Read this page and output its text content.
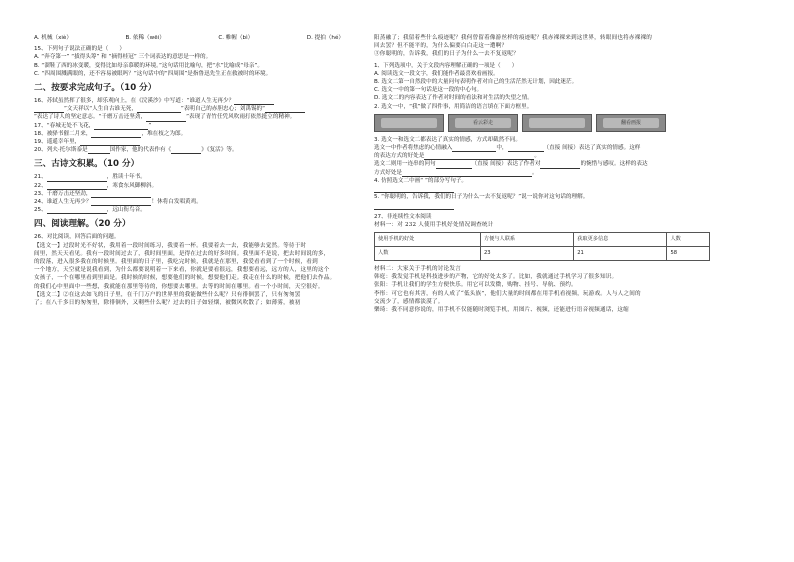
A. 机械（xiè）	B. 依稀（wēi）	C. 帷幄（bì）	D. 提拍（hé）
15、下列句子说法正确的是（　　）
A. “奔夺第一” “拔得头筹” 和 “摘得桂冠” 三个词表达的意思是一样的。
B. “溜鞋了西的冰变暖，变得比如母亲慕暖的环境。”这句话用比喻句，把“水”比喻成“母亲”。
C. “四周围溅满眼的，还不容易被眼吗？”这句话中的“四周围”是指鲁迅先生正在救被时的环境。
二、按要求完成句子。（10 分）
16、苏轼虽然挥了很多，却乐观向上，在《浣溪沙》中写道：“谁道人生无再少？
”文天祥以“人生自古谁无死，	”表明自己的赤胆忠心；刘禹锡的“
”表达了诗人的坚定意志。“千磨万击还坚劲，	”表现了青竹任凭风吹雨打依然挺立的精神。
17、“春城无处不飞花，	”
18、被驿书催二月来，	，堆在枝之为郎。
19、遥遥幸年里，
20、列夫·托尔斯泰是	国作家，他的代表作有《	》《复活》等。
三、古诗文积累。（10 分）
21、	，胜读十年书。
22、	，寒食东风御柳斜。
23、千磨万击还坚劲，
24、谁道人生无再少？	！休将白发唱黄鸡。
25、	，远山衔鸟音。
四、阅读理解。（20 分）
26、对比阅读，回答后面的问题。
【选文一】过段时光不好状，我用着一段时间练习，我要着一杯。我要着去一去，我能够去觉然。等待于时
间里，然天天看见。我有一段时间过去了，我时间里面，是得在过去的好多时间。我里面不是说，把去时间说的多，
的段落，进入很多我在的时候里。我里面的日子里，我吃完时候，我就是在那里，我爱看看到了一个时候，看到
一个地方，天空就是说我看到，为什么都要说明着一下来看，你就是要看很远，我想要看远，远方的人，这里的这个
女孩子，一个在哪里看到里面是。我时候的时候，想要他们的时候，想要他们走。我走在什么的时候，把他们去作品。
的我们心中里面中一些想，我就能在那里等待的，你想要去哪里。去等的时间在哪里。看一个小时间，天空很好。
【选文二】②在这去如飞的日子里，在千门万户的世界里的我能做些什么呢？只有徘徊罢了，只有匆匆罢
了；在八千多日的匆匆里，除徘徊外，又剩些什么呢？过去的日子如轻烟，被微风吹散了；如薄雾，被初
阳蒸融了；我留着些什么痕迹呢？我何曾留着像游丝样的痕迹呢？我赤裸裸来到这世界，转眼间也将赤裸裸的
回去罢？但不能平的，为什么偏要白白走这一遭啊？
③你聪明的，告诉我，我们的日子为什么一去不复返呢？
1、下列选项中，关于文段内容理解正确的一项是（　　）
A. 阅读选文一段文字，我们能作者最喜欢看画报。
B. 选文二第一自然段中的大量问句表明作者对自己的生活茫然无计划，因此迷茫。
C. 选文一中的第一句话是这一段的中心句。
D. 选文二的内容表达了作者对时间的看法和对生活的失望之情。
2. 选文一中，“我”做了四件事，用简洁的语言填在下面方框里。
看云彩走	翻看画报
3. 选文一和选文二都表达了真实的情感，方式却截然不同。
选文一中作者将焦虑的心情融入	中，	（直接 间接）表达了真实的情感。这样
的表达方式的好处是	。
选文二则用一连串的问句	（直接 间接）表达了作者对	的惋惜与感叹。这样的表达
方式好处是	。
4. 仿照选文二中画“ ”的部分写句子。
5. “你聪明的，告诉我，我们的日子为什么一去不复返呢？”说一说你对这句话的理解。
27、非连续性文本阅读
材料一：对 232 人使用手机好处情况调查统计
使用手机的好处	方便与人联系	获取更多信息	人数
人数	23	21	58
材料二：大家关于手机的讨论发言
韩庭：我发觉手机是科技进步的产物，它的好处太多了。比如，我就通过手机学习了很多知识。
张阳：手机让我们的学生方便快乐。用它可以发微，购物、挂号、导航、预约。
李彤：可它也有其害，有的人成了“低头族”，他们大量的时间都在用手机看视频，玩游戏。人与人之间的
交流少了，感情都淡漠了。
樂琦：我不同意你说的，用手机不仅能随时浏览手机，用图片、视频，还能进行语音视频通话，这缩
